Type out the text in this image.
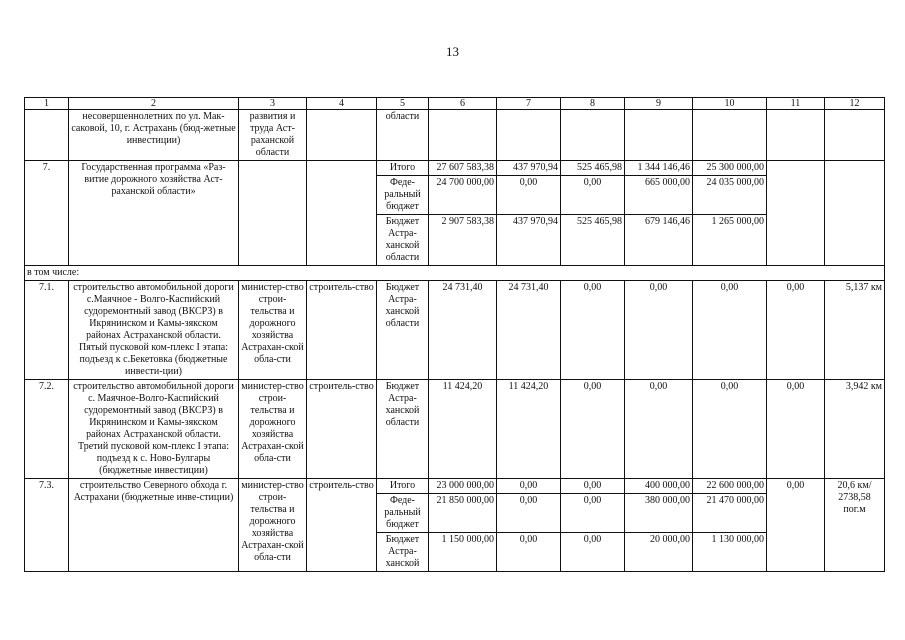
13
1	2	3	4	5	6	7	8	9	10	11	12
	несовершеннолетних по ул. Мак-саковой, 10, г. Астрахань (бюд-жетные инвестиции)	развития и труда Аст-раханской области		области							
7.	Государственная программа «Раз-витие дорожного хозяйства Аст-раханской области»			Итого	27 607 583,38	437 970,94	525 465,98	1 344 146,46	25 300 000,00		
				Феде-ральный бюджет	24 700 000,00	0,00	0,00	665 000,00	24 035 000,00		
				Бюджет Астра-ханской области	2 907 583,38	437 970,94	525 465,98	679 146,46	1 265 000,00		
в том числе:											
7.1.	строительство автомобильной дороги с.Маячное - Волго-Каспийский судоремонтный завод (ВКСРЗ) в Икрянинском и Камы-зякском районах Астраханской области. Пятый пусковой ком-плекс I этапа: подъезд к с.Бекетовка (бюджетные инвести-ции)	министер-ство строи-тельства и дорожного хозяйства Астрахан-ской обла-сти	строитель-ство	Бюджет Астра-ханской области	24 731,40	24 731,40	0,00	0,00	0,00	0,00	5,137 км
7.2.	строительство автомобильной дороги с. Маячное-Волго-Каспийский судоремонтный завод (ВКСРЗ) в Икрянинском и Камы-зякском районах Астраханской области. Третий пусковой ком-плекс I этапа: подъезд к с. Ново-Булгары (бюджетные инвестиции)	министер-ство строи-тельства и дорожного хозяйства Астрахан-ской обла-сти	строитель-ство	Бюджет Астра-ханской области	11 424,20	11 424,20	0,00	0,00	0,00	0,00	3,942 км
7.3.	строительство Северного обхода г. Астрахани (бюджетные инве-стиции)	министер-ство строи-тельства и дорожного хозяйства Астрахан-ской обла-сти	строитель-ство	Итого	23 000 000,00	0,00	0,00	400 000,00	22 600 000,00	0,00	20,6 км/ 2738,58 пог.м
				Феде-ральный бюджет	21 850 000,00	0,00	0,00	380 000,00	21 470 000,00		
				Бюджет Астра-ханской	1 150 000,00	0,00	0,00	20 000,00	1 130 000,00		
